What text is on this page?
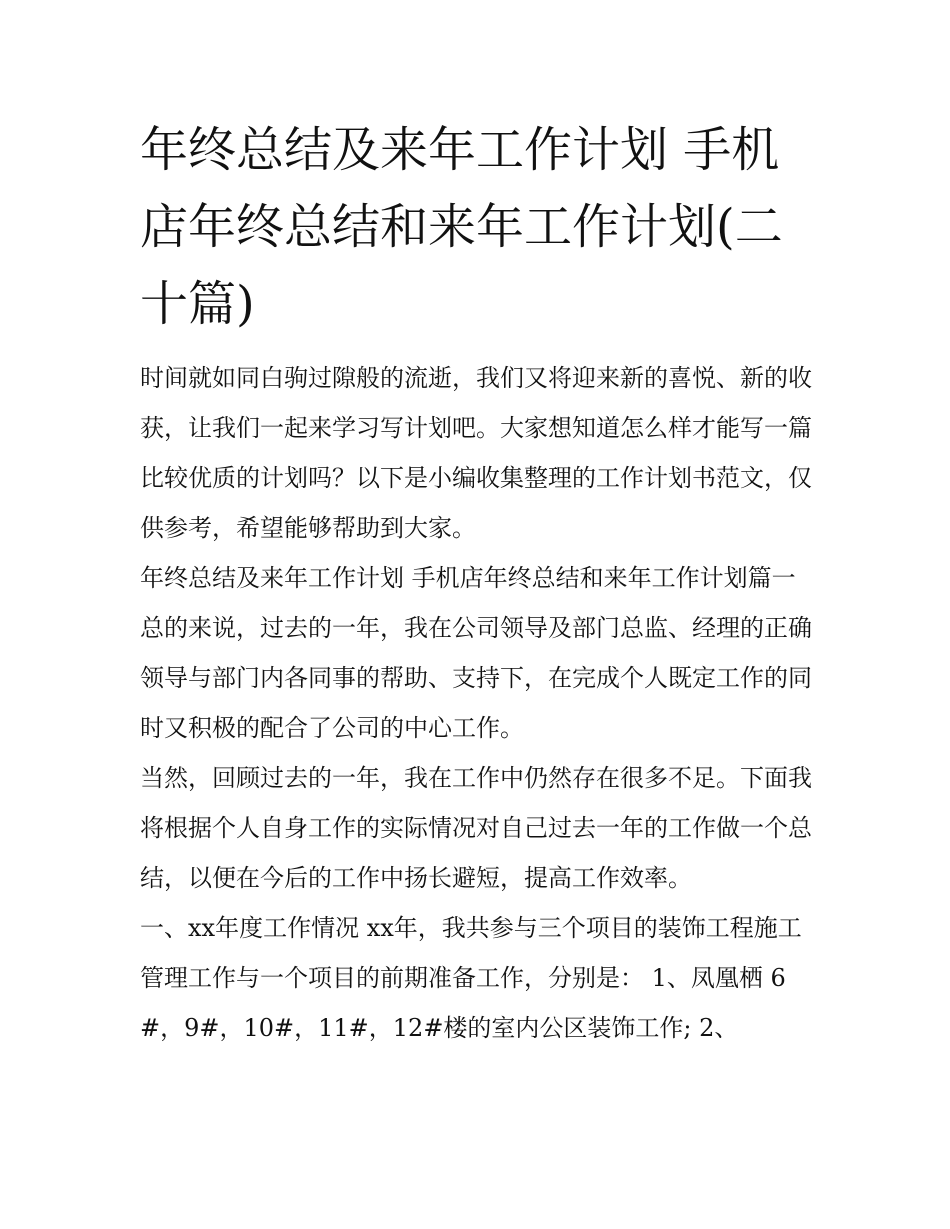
年终总结及来年工作计划 手机店年终总结和来年工作计划(二十篇)

时间就如同白驹过隙般的流逝，我们又将迎来新的喜悦、新的收获，让我们一起来学习写计划吧。大家想知道怎么样才能写一篇比较优质的计划吗？以下是小编收集整理的工作计划书范文，仅供参考，希望能够帮助到大家。

年终总结及来年工作计划 手机店年终总结和来年工作计划篇一

总的来说，过去的一年，我在公司领导及部门总监、经理的正确领导与部门内各同事的帮助、支持下，在完成个人既定工作的同时又积极的配合了公司的中心工作。

当然，回顾过去的一年，我在工作中仍然存在很多不足。下面我将根据个人自身工作的实际情况对自己过去一年的工作做一个总结，以便在今后的工作中扬长避短，提高工作效率。

一、xx年度工作情况 xx年，我共参与三个项目的装饰工程施工管理工作与一个项目的前期准备工作，分别是： 1、凤凰栖 6#，9#，10#，11#，12#楼的室内公区装饰工作; 2、
